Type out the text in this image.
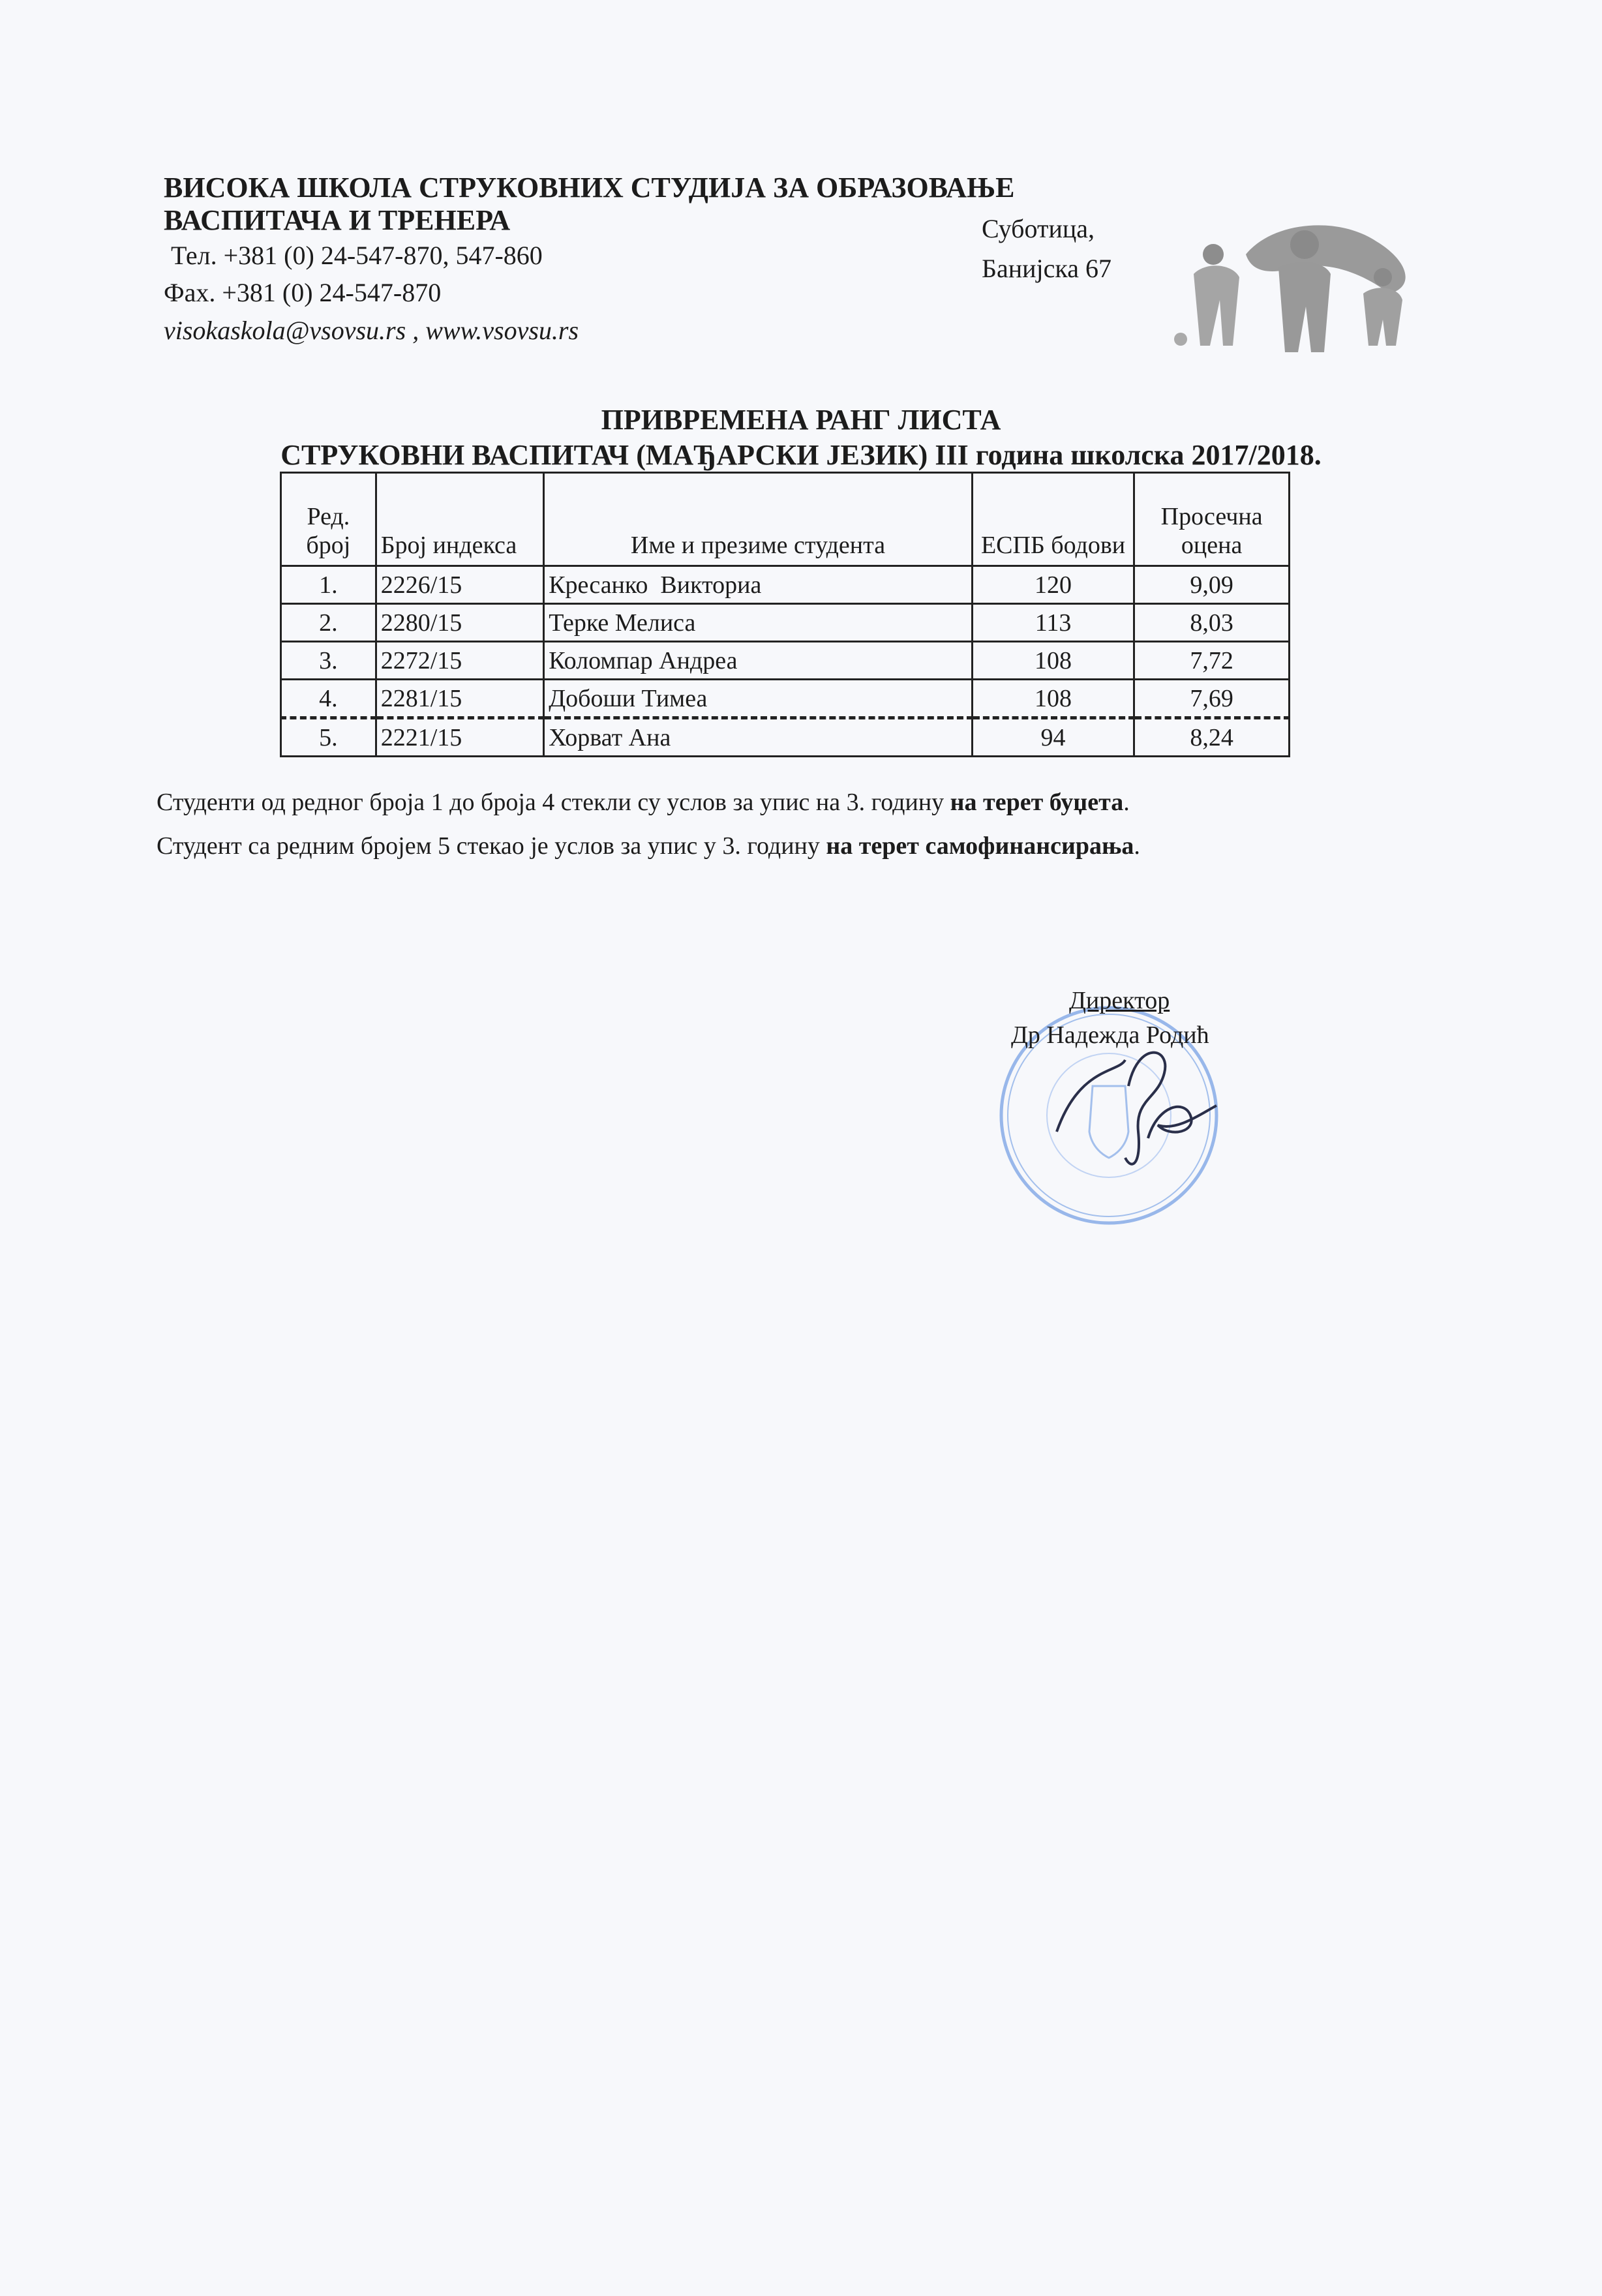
ВИСОКА ШКОЛА СТРУКОВНИХ СТУДИЈА ЗА ОБРАЗОВАЊЕ
ВАСПИТАЧА И ТРЕНЕРА
Тел. +381 (0) 24-547-870, 547-860
Фах. +381 (0) 24-547-870
visokaskola@vsovsu.rs , www.vsovsu.rs
Суботица,
Банијска 67
ПРИВРЕМЕНА РАНГ ЛИСТА
СТРУКОВНИ ВАСПИТАЧ (МАЂАРСКИ ЈЕЗИК) III година школска 2017/2018.
Ред. број	Број индекса	Име и презиме студента	ЕСПБ бодови	Просечна оцена
1.	2226/15	Кресанко  Викториа	120	9,09
2.	2280/15	Терке Мелиса	113	8,03
3.	2272/15	Коломпар Андреа	108	7,72
4.	2281/15	Добоши Тимеа	108	7,69
5.	2221/15	Хорват Ана	94	8,24
Студенти од редног броја 1 до броја 4 стекли су услов за упис на 3. годину на терет буџета.
Студент са редним бројем 5 стекао је услов за упис у 3. годину на терет самофинансирања.
Директор
Др Надежда Родић
